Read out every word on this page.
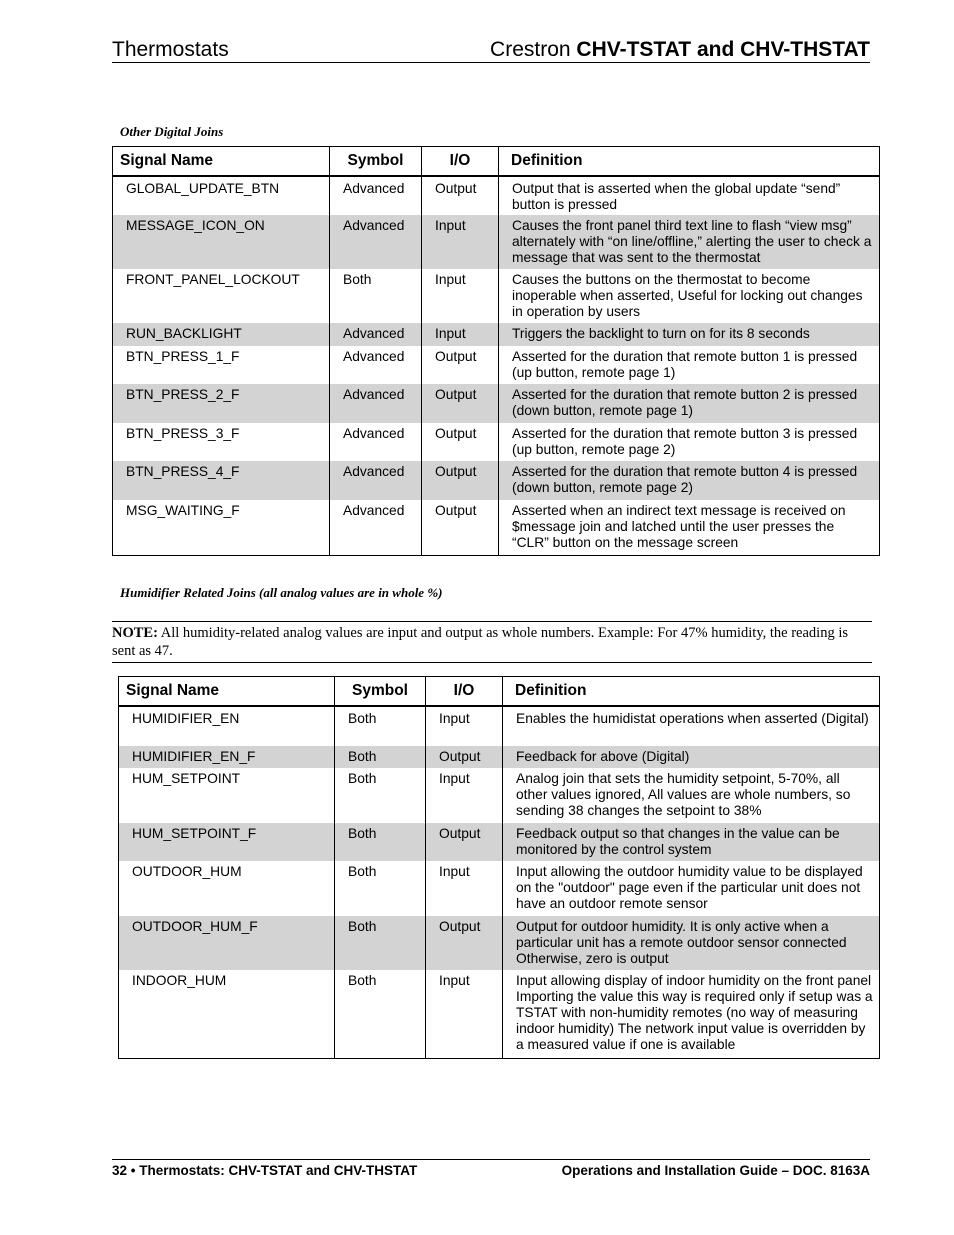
Thermostats	Crestron CHV-TSTAT and CHV-THSTAT
Other Digital Joins
Signal Name	Symbol	I/O	Definition
GLOBAL_UPDATE_BTN	Advanced	Output	Output that is asserted when the global update “send” button is pressed
MESSAGE_ICON_ON	Advanced	Input	Causes the front panel third text line to flash “view msg” alternately with “on line/offline,” alerting the user to check a message that was sent to the thermostat
FRONT_PANEL_LOCKOUT	Both	Input	Causes the buttons on the thermostat to become inoperable when asserted, Useful for locking out changes in operation by users
RUN_BACKLIGHT	Advanced	Input	Triggers the backlight to turn on for its 8 seconds
BTN_PRESS_1_F	Advanced	Output	Asserted for the duration that remote button 1 is pressed (up button, remote page 1)
BTN_PRESS_2_F	Advanced	Output	Asserted for the duration that remote button 2 is pressed (down button, remote page 1)
BTN_PRESS_3_F	Advanced	Output	Asserted for the duration that remote button 3 is pressed (up button, remote page 2)
BTN_PRESS_4_F	Advanced	Output	Asserted for the duration that remote button 4 is pressed (down button, remote page 2)
MSG_WAITING_F	Advanced	Output	Asserted when an indirect text message is received on $message join and latched until the user presses the “CLR” button on the message screen
Humidifier Related Joins (all analog values are in whole %)
NOTE: All humidity-related analog values are input and output as whole numbers. Example: For 47% humidity, the reading is sent as 47.
Signal Name	Symbol	I/O	Definition
HUMIDIFIER_EN	Both	Input	Enables the humidistat operations when asserted (Digital)
HUMIDIFIER_EN_F	Both	Output	Feedback for above (Digital)
HUM_SETPOINT	Both	Input	Analog join that sets the humidity setpoint, 5-70%, all other values ignored, All values are whole numbers, so sending 38 changes the setpoint to 38%
HUM_SETPOINT_F	Both	Output	Feedback output so that changes in the value can be monitored by the control system
OUTDOOR_HUM	Both	Input	Input allowing the outdoor humidity value to be displayed on the "outdoor" page even if the particular unit does not have an outdoor remote sensor
OUTDOOR_HUM_F	Both	Output	Output for outdoor humidity. It is only active when a particular unit has a remote outdoor sensor connected Otherwise, zero is output
INDOOR_HUM	Both	Input	Input allowing display of indoor humidity on the front panel Importing the value this way is required only if setup was a TSTAT with non-humidity remotes (no way of measuring indoor humidity) The network input value is overridden by a measured value if one is available
32 • Thermostats: CHV-TSTAT and CHV-THSTAT	Operations and Installation Guide – DOC. 8163A
